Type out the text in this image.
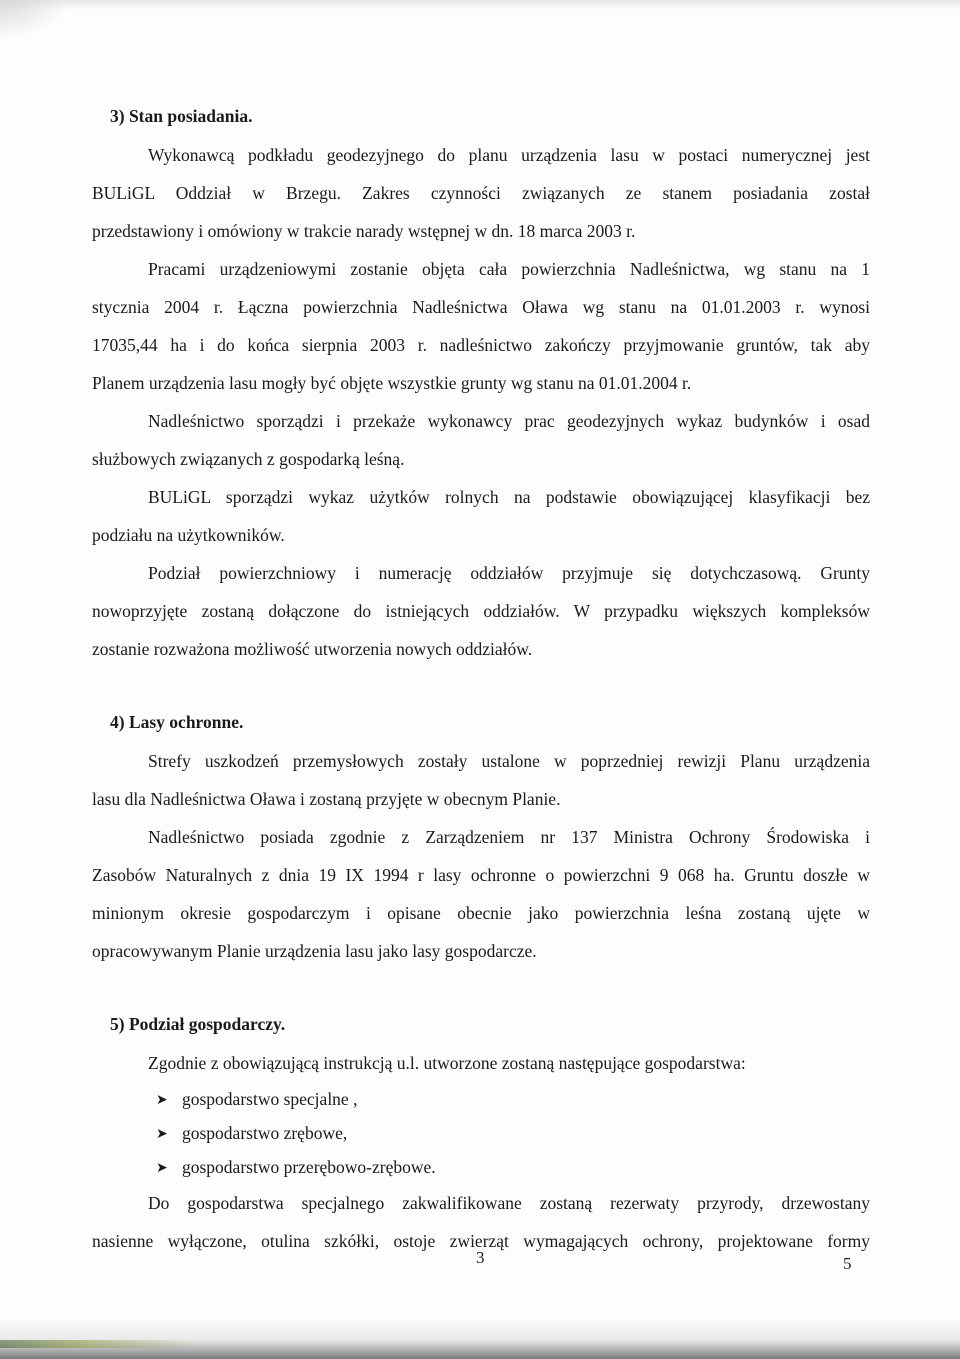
3) Stan posiadania.
Wykonawcą podkładu geodezyjnego do planu urządzenia lasu w postaci numerycznej jest
BULiGL Oddział w Brzegu. Zakres czynności związanych ze stanem posiadania został
przedstawiony i omówiony w trakcie narady wstępnej w dn. 18 marca 2003 r.
Pracami urządzeniowymi zostanie objęta cała powierzchnia Nadleśnictwa, wg stanu na 1
stycznia 2004 r. Łączna powierzchnia Nadleśnictwa Oława wg stanu na 01.01.2003 r. wynosi
17035,44 ha i do końca sierpnia 2003 r. nadleśnictwo zakończy przyjmowanie gruntów, tak aby
Planem urządzenia lasu mogły być objęte wszystkie grunty wg stanu na 01.01.2004 r.
Nadleśnictwo sporządzi i przekaże wykonawcy prac geodezyjnych wykaz budynków i osad
służbowych związanych z gospodarką leśną.
BULiGL sporządzi wykaz użytków rolnych na podstawie obowiązującej klasyfikacji bez
podziału na użytkowników.
Podział powierzchniowy i numerację oddziałów przyjmuje się dotychczasową. Grunty
nowoprzyjęte zostaną dołączone do istniejących oddziałów. W przypadku większych kompleksów
zostanie rozważona możliwość utworzenia nowych oddziałów.
4) Lasy ochronne.
Strefy uszkodzeń przemysłowych zostały ustalone w poprzedniej rewizji Planu urządzenia
lasu dla Nadleśnictwa Oława i zostaną przyjęte w obecnym Planie.
Nadleśnictwo posiada zgodnie z Zarządzeniem nr 137 Ministra Ochrony Środowiska i
Zasobów Naturalnych z dnia 19 IX 1994 r lasy ochronne o powierzchni 9 068 ha. Gruntu doszłe w
minionym okresie gospodarczym i opisane obecnie jako powierzchnia leśna zostaną ujęte w
opracowywanym Planie urządzenia lasu jako lasy gospodarcze.
5) Podział gospodarczy.
Zgodnie z obowiązującą instrukcją u.l. utworzone zostaną następujące gospodarstwa:
➤ gospodarstwo specjalne ,
➤ gospodarstwo zrębowe,
➤ gospodarstwo przerębowo-zrębowe.
Do gospodarstwa specjalnego zakwalifikowane zostaną rezerwaty przyrody, drzewostany
nasienne wyłączone, otulina szkółki, ostoje zwierząt wymagających ochrony, projektowane formy
3	5
